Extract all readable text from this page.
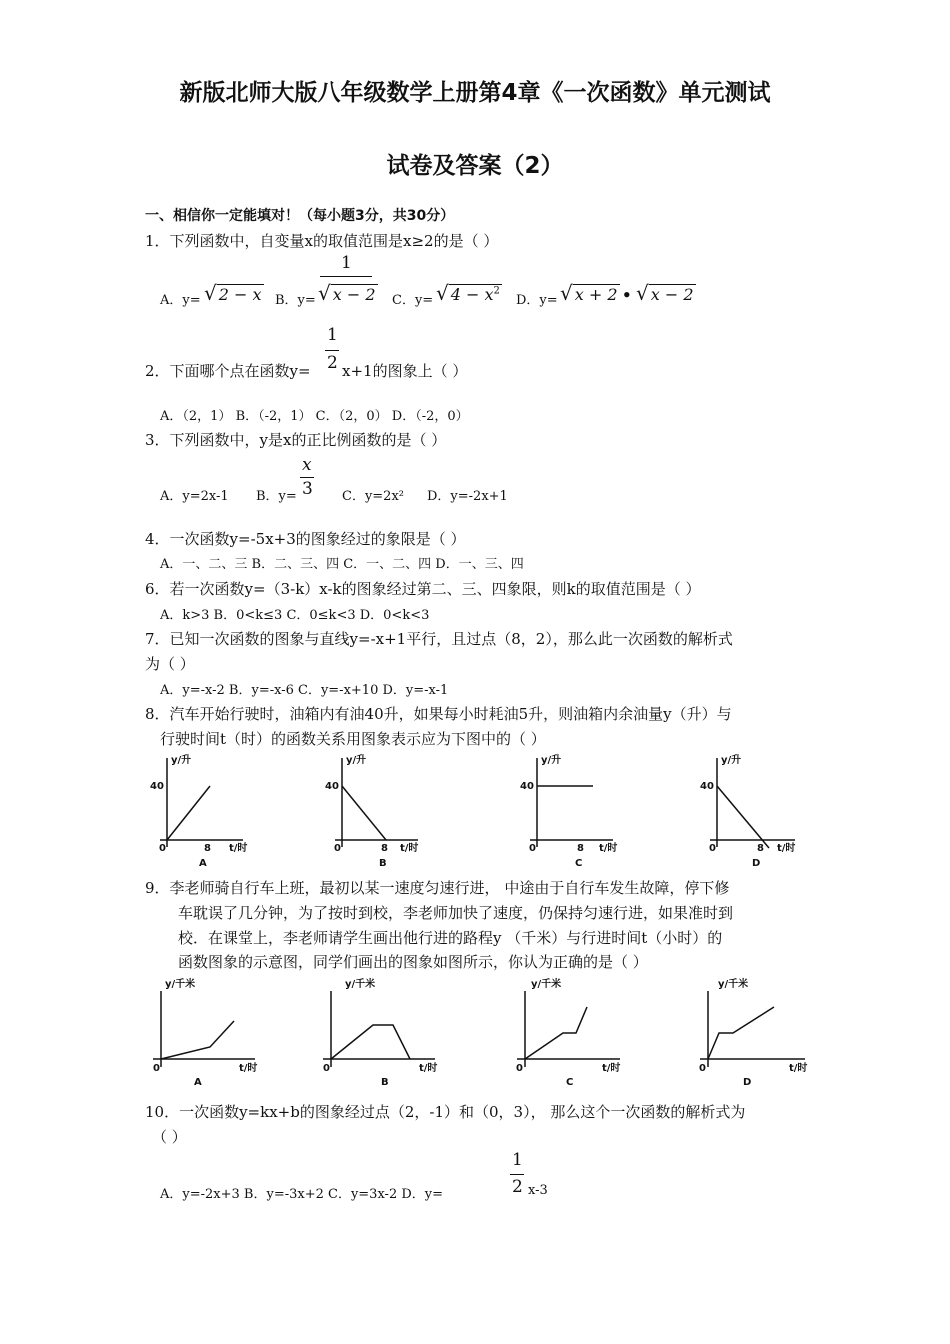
新版北师大版八年级数学上册第4章《一次函数》单元测试
试卷及答案（2）
一、相信你一定能填对！（每小题3分，共30分）
1．下列函数中，自变量x的取值范围是x≥2的是（ ）
A．y= √ 2 − x B．y=
1
√ x − 2 C．y= √ $4 - x^2$
D．y= √ x + 2 • √ x − 2
1
2
2．下面哪个点在函数y= x+1的图象上（ ）
A．（2，1） B．（-2，1） C．（2，0） D．（-2，0）
3．下列函数中，y是x的正比例函数的是（ ）
A．y=2x-1 B．y=
x
3 C．y=2x² D．y=-2x+1
4．一次函数y=-5x+3的图象经过的象限是（ ）
A．一、二、三 B．二、三、四 C．一、二、四 D．一、三、四
6．若一次函数y=（3-k）x-k的图象经过第二、三、四象限，则k的取值范围是（ ）
A．k>3 B．0<k≤3 C．0≤k<3 D．0<k<3
7．已知一次函数的图象与直线y=-x+1平行，且过点（8，2），那么此一次函数的解析式
为（ ）
A．y=-x-2 B．y=-x-6 C．y=-x+10 D．y=-x-1
8．汽车开始行驶时，油箱内有油40升，如果每小时耗油5升，则油箱内余油量y（升）与
行驶时间t（时）的函数关系用图象表示应为下图中的（ ）
y/升
40
0	8 t/时
A
y/升
40
0	8 t/时
B
y/升
40
0	8 t/时
C
y/升
40
0	8 t/时
D
9．李老师骑自行车上班，最初以某一速度匀速行进， 中途由于自行车发生故障，停下修
车耽误了几分钟，为了按时到校，李老师加快了速度，仍保持匀速行进，如果准时到
校．在课堂上，李老师请学生画出他行进的路程y （千米）与行进时间t（小时）的
函数图象的示意图，同学们画出的图象如图所示，你认为正确的是（ ）
y/千米
0	t/时
A
y/千米
0	t/时
B
y/千米
0	t/时
C
y/千米
0	t/时
D
10．一次函数y=kx+b的图象经过点（2，-1）和（0，3）， 那么这个一次函数的解析式为
（ ）
A．y=-2x+3 B．y=-3x+2 C．y=3x-2 D．y=
1
2 x-3
